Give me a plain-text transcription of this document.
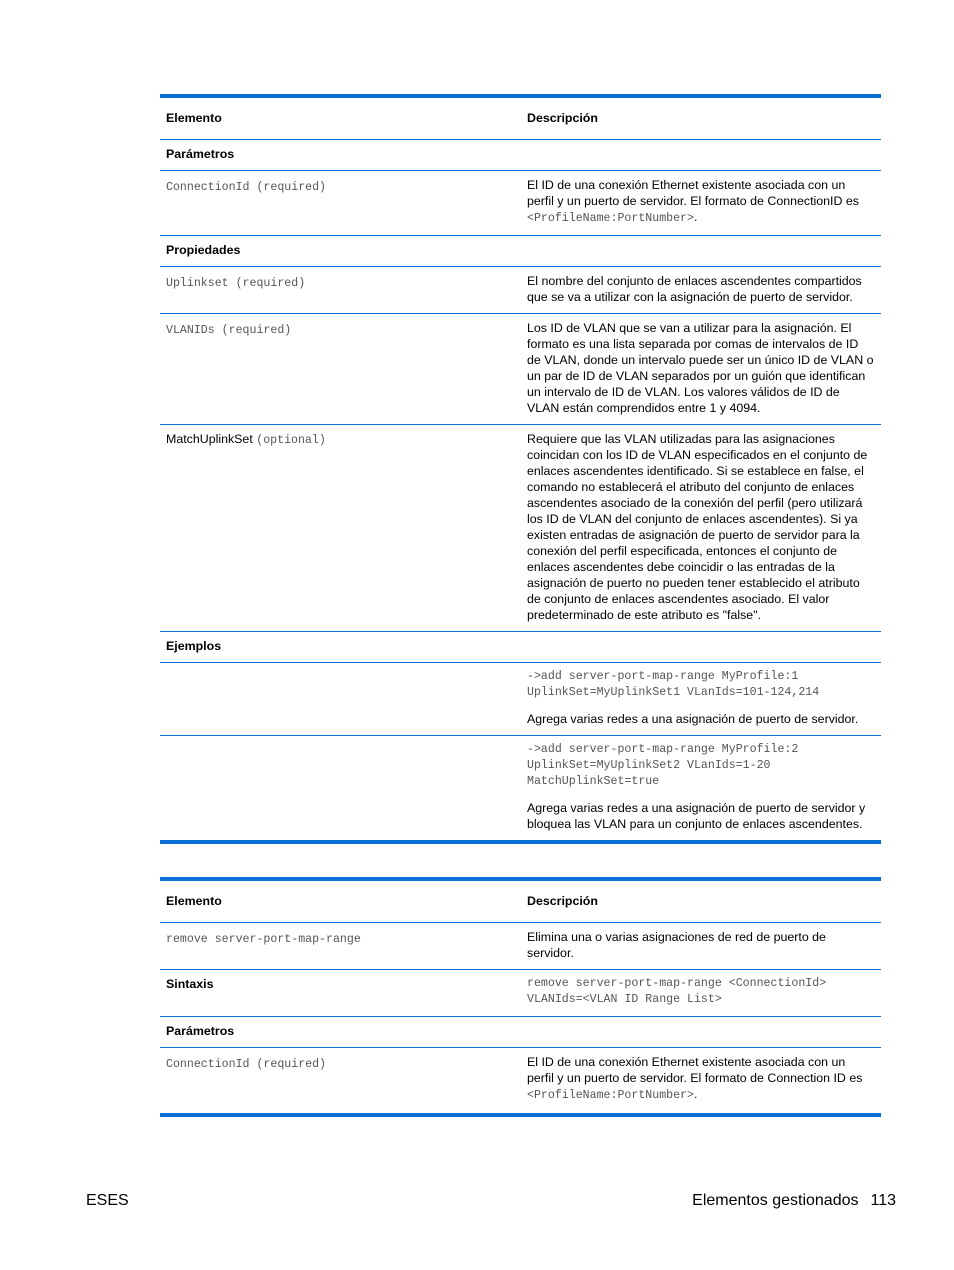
Elemento	Descripción
Parámetros
ConnectionId (required)	El ID de una conexión Ethernet existente asociada con un perfil y un puerto de servidor. El formato de ConnectionID es <ProfileName:PortNumber>.
Propiedades
Uplinkset (required)	El nombre del conjunto de enlaces ascendentes compartidos que se va a utilizar con la asignación de puerto de servidor.
VLANIDs (required)	Los ID de VLAN que se van a utilizar para la asignación. El formato es una lista separada por comas de intervalos de ID de VLAN, donde un intervalo puede ser un único ID de VLAN o un par de ID de VLAN separados por un guión que identifican un intervalo de ID de VLAN. Los valores válidos de ID de VLAN están comprendidos entre 1 y 4094.
MatchUplinkSet (optional)	Requiere que las VLAN utilizadas para las asignaciones coincidan con los ID de VLAN especificados en el conjunto de enlaces ascendentes identificado. Si se establece en false, el comando no establecerá el atributo del conjunto de enlaces ascendentes asociado de la conexión del perfil (pero utilizará los ID de VLAN del conjunto de enlaces ascendentes). Si ya existen entradas de asignación de puerto de servidor para la conexión del perfil especificada, entonces el conjunto de enlaces ascendentes debe coincidir o las entradas de la asignación de puerto no pueden tener establecido el atributo de conjunto de enlaces ascendentes asociado. El valor predeterminado de este atributo es "false".
Ejemplos
->add server-port-map-range MyProfile:1
UplinkSet=MyUplinkSet1 VLanIds=101-124,214
Agrega varias redes a una asignación de puerto de servidor.
->add server-port-map-range MyProfile:2
UplinkSet=MyUplinkSet2 VLanIds=1-20
MatchUplinkSet=true
Agrega varias redes a una asignación de puerto de servidor y bloquea las VLAN para un conjunto de enlaces ascendentes.
Elemento	Descripción
remove server-port-map-range	Elimina una o varias asignaciones de red de puerto de servidor.
Sintaxis	remove server-port-map-range <ConnectionId>
VLANIds=<VLAN ID Range List>
Parámetros
ConnectionId (required)	El ID de una conexión Ethernet existente asociada con un perfil y un puerto de servidor. El formato de Connection ID es <ProfileName:PortNumber>.
ESES	Elementos gestionados 113
